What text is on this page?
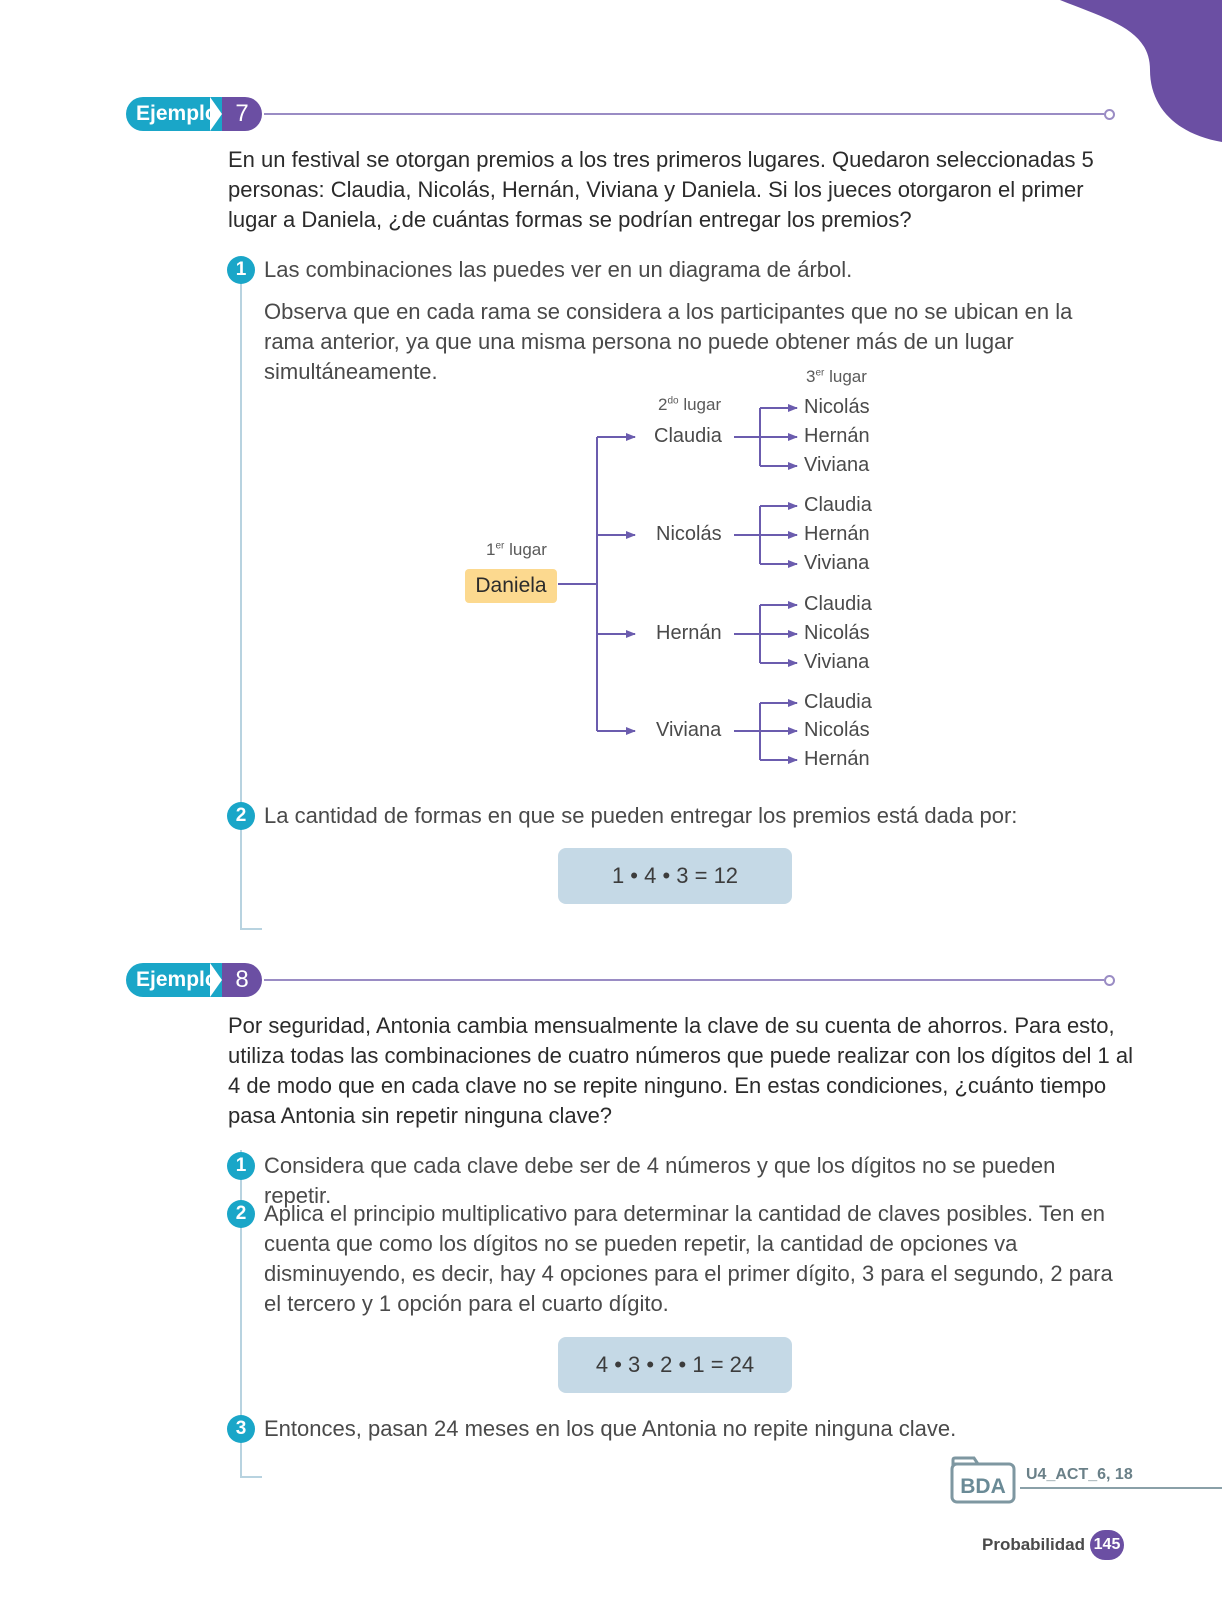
Ejemplo 7
En un festival se otorgan premios a los tres primeros lugares. Quedaron seleccionadas 5 personas: Claudia, Nicolás, Hernán, Viviana y Daniela. Si los jueces otorgaron el primer lugar a Daniela, ¿de cuántas formas se podrían entregar los premios?
1 Las combinaciones las puedes ver en un diagrama de árbol.
Observa que en cada rama se considera a los participantes que no se ubican en la rama anterior, ya que una misma persona no puede obtener más de un lugar simultáneamente.
1er lugar
$2^{do}$ lugar
3er lugar
Daniela
Claudia
Nicolás
Hernán
Viviana
Nicolás
Hernán
Viviana
Claudia
Hernán
Viviana
Claudia
Nicolás
Viviana
Claudia
Nicolás
Hernán
2 La cantidad de formas en que se pueden entregar los premios está dada por:
1 • 4 • 3 = 12
Ejemplo 8
Por seguridad, Antonia cambia mensualmente la clave de su cuenta de ahorros. Para esto, utiliza todas las combinaciones de cuatro números que puede realizar con los dígitos del 1 al 4 de modo que en cada clave no se repite ninguno. En estas condiciones, ¿cuánto tiempo pasa Antonia sin repetir ninguna clave?
1 Considera que cada clave debe ser de 4 números y que los dígitos no se pueden repetir.
2 Aplica el principio multiplicativo para determinar la cantidad de claves posibles. Ten en cuenta que como los dígitos no se pueden repetir, la cantidad de opciones va disminuyendo, es decir, hay 4 opciones para el primer dígito, 3 para el segundo, 2 para el tercero y 1 opción para el cuarto dígito.
4 • 3 • 2 • 1 = 24
3 Entonces, pasan 24 meses en los que Antonia no repite ninguna clave.
BDA
U4_ACT_6, 18
Probabilidad 145
